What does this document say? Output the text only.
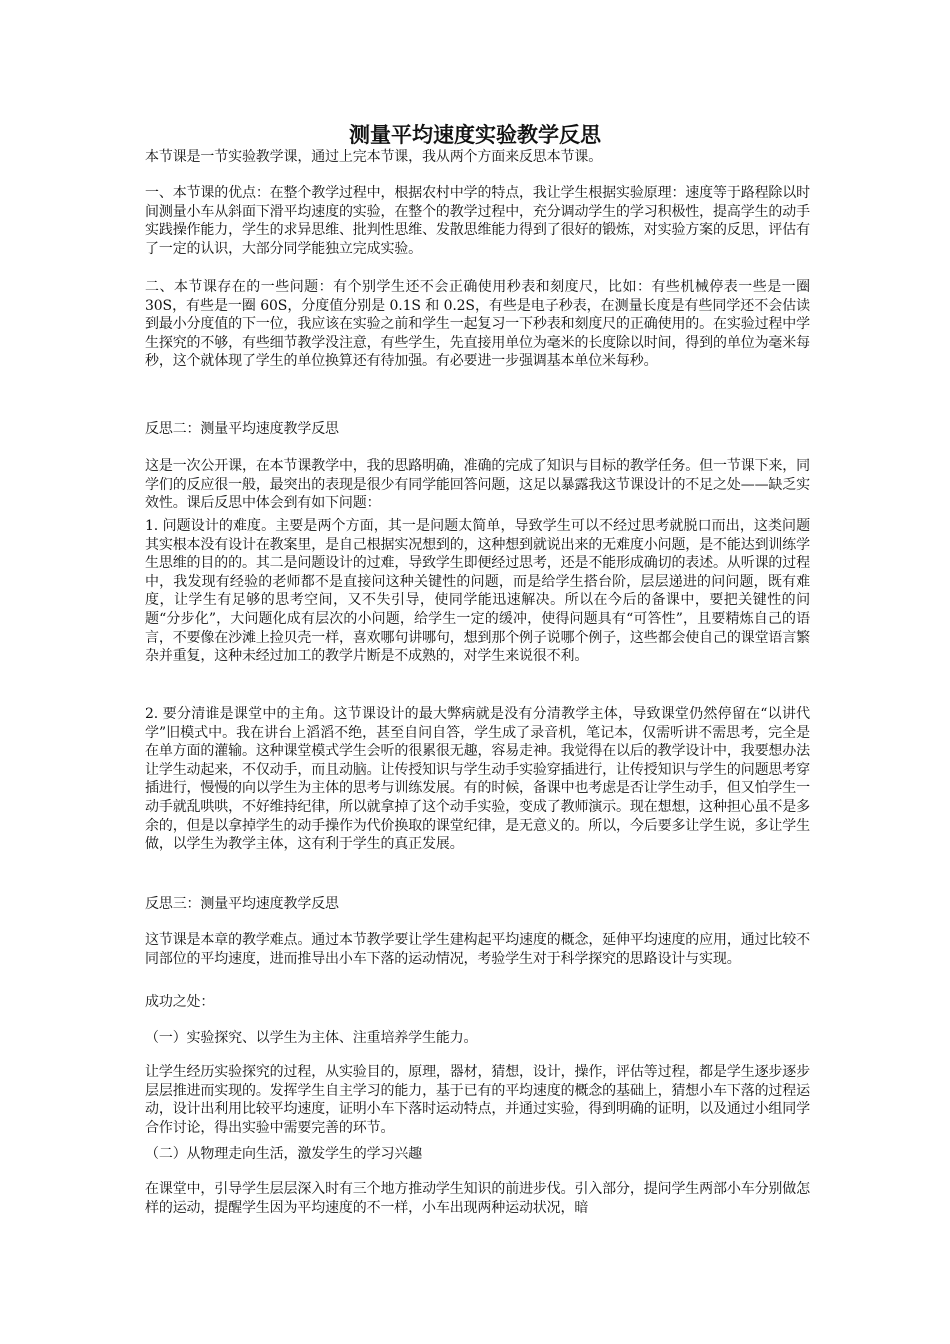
测量平均速度实验教学反思

本节课是一节实验教学课，通过上完本节课，我从两个方面来反思本节课。

一、本节课的优点：在整个教学过程中，根据农村中学的特点，我让学生根据实验原理：速度等于路程除以时间测量小车从斜面下滑平均速度的实验，在整个的教学过程中，充分调动学生的学习积极性，提高学生的动手实践操作能力，学生的求异思维、批判性思维、发散思维能力得到了很好的锻炼，对实验方案的反思，评估有了一定的认识，大部分同学能独立完成实验。

二、本节课存在的一些问题：有个别学生还不会正确使用秒表和刻度尺，比如：有些机械停表一些是一圈 30S，有些是一圈 60S，分度值分别是 0.1S 和 0.2S，有些是电子秒表，在测量长度是有些同学还不会估读到最小分度值的下一位，我应该在实验之前和学生一起复习一下秒表和刻度尺的正确使用的。在实验过程中学生探究的不够，有些细节教学没注意，有些学生，先直接用单位为毫米的长度除以时间，得到的单位为毫米每秒，这个就体现了学生的单位换算还有待加强。有必要进一步强调基本单位米每秒。

反思二：测量平均速度教学反思

这是一次公开课，在本节课教学中，我的思路明确，准确的完成了知识与目标的教学任务。但一节课下来，同学们的反应很一般，最突出的表现是很少有同学能回答问题，这足以暴露我这节课设计的不足之处——缺乏实效性。课后反思中体会到有如下问题：

1. 问题设计的难度。主要是两个方面，其一是问题太简单，导致学生可以不经过思考就脱口而出，这类问题其实根本没有设计在教案里，是自己根据实况想到的，这种想到就说出来的无难度小问题，是不能达到训练学生思维的目的的。其二是问题设计的过难，导致学生即便经过思考，还是不能形成确切的表述。从听课的过程中，我发现有经验的老师都不是直接问这种关键性的问题，而是给学生搭台阶，层层递进的问问题，既有难度，让学生有足够的思考空间，又不失引导，使同学能迅速解决。所以在今后的备课中，要把关键性的问题“分步化”，大问题化成有层次的小问题，给学生一定的缓冲，使得问题具有“可答性”，且要精炼自己的语言，不要像在沙滩上捡贝壳一样，喜欢哪句讲哪句，想到那个例子说哪个例子，这些都会使自己的课堂语言繁杂并重复，这种未经过加工的教学片断是不成熟的，对学生来说很不利。

2. 要分清谁是课堂中的主角。这节课设计的最大弊病就是没有分清教学主体，导致课堂仍然停留在“以讲代学”旧模式中。我在讲台上滔滔不绝，甚至自问自答，学生成了录音机，笔记本，仅需听讲不需思考，完全是在单方面的灌输。这种课堂模式学生会听的很累很无趣，容易走神。我觉得在以后的教学设计中，我要想办法让学生动起来，不仅动手，而且动脑。让传授知识与学生动手实验穿插进行，让传授知识与学生的问题思考穿插进行，慢慢的向以学生为主体的思考与训练发展。有的时候，备课中也考虑是否让学生动手，但又怕学生一动手就乱哄哄，不好维持纪律，所以就拿掉了这个动手实验，变成了教师演示。现在想想，这种担心虽不是多余的，但是以拿掉学生的动手操作为代价换取的课堂纪律，是无意义的。所以，今后要多让学生说，多让学生做，以学生为教学主体，这有利于学生的真正发展。

反思三：测量平均速度教学反思

这节课是本章的教学难点。通过本节教学要让学生建构起平均速度的概念，延伸平均速度的应用，通过比较不同部位的平均速度，进而推导出小车下落的运动情况，考验学生对于科学探究的思路设计与实现。

成功之处：

（一）实验探究、以学生为主体、注重培养学生能力。

让学生经历实验探究的过程，从实验目的，原理，器材，猜想，设计，操作，评估等过程，都是学生逐步逐步层层推进而实现的。发挥学生自主学习的能力，基于已有的平均速度的概念的基础上，猜想小车下落的过程运动，设计出利用比较平均速度，证明小车下落时运动特点，并通过实验，得到明确的证明，以及通过小组同学合作讨论，得出实验中需要完善的环节。

（二）从物理走向生活，激发学生的学习兴趣

在课堂中，引导学生层层深入时有三个地方推动学生知识的前进步伐。引入部分，提问学生两部小车分别做怎样的运动，提醒学生因为平均速度的不一样，小车出现两种运动状况，暗
